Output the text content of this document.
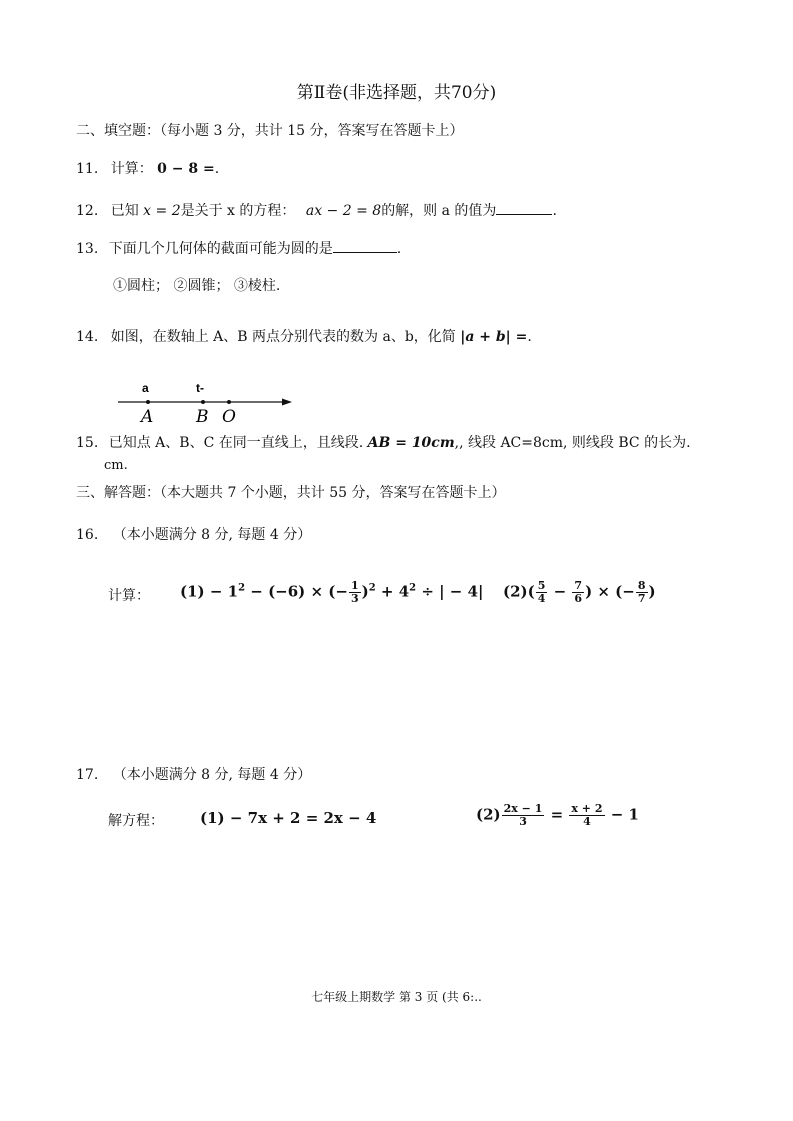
第Ⅱ卷(非选择题，共70分)
二、填空题：（每小题 3 分，共计 15 分，答案写在答题卡上）
11. 计算： 0 − 8 =.
12. 已知 x = 2是关于 x 的方程： ax − 2 = 8的解，则 a 的值为	.
13. 下面几个几何体的截面可能为圆的是	.
①圆柱； ②圆锥； ③棱柱.
14. 如图，在数轴上 A、B 两点分别代表的数为 a、b，化简 |a + b| =.
a	t-
A	B O
15. 已知点 A、B、C 在同一直线上，且线段. AB = 10cm,, 线段 AC=8cm, 则线段 BC 的长为.
cm.
三、解答题：（本大题共 7 个小题，共计 55 分，答案写在答题卡上）
16. （本小题满分 8 分, 每题 4 分）
计算： $(1) - 1^2 - (-6)$ × (− $\frac{1}{3} )^2 + 4^2$ ÷ | − 4| $(2)( \frac{5}{4} - \frac{7}{6}$ ) × (− $\frac{8}{7}$ )
17. （本小题满分 8 分, 每题 4 分）
解方程： (1) − 7x + 2 = 2x − 4	$(2) \frac{2x - 1}{3} = \frac{x + 2}{4} - 1$
七年级上期数学 第 3 页 (共 6:..
